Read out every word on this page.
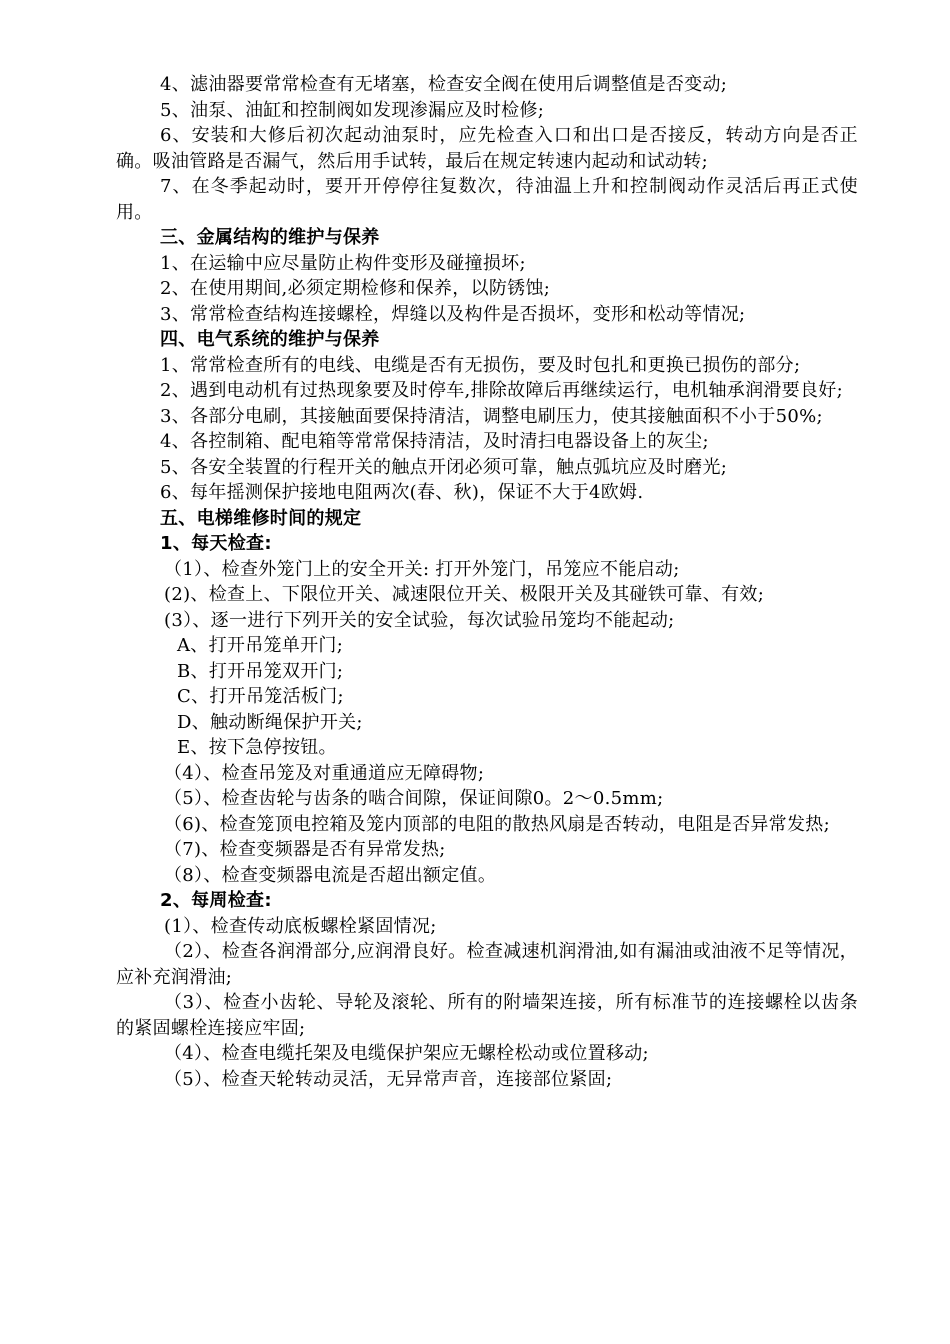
4、滤油器要常常检查有无堵塞，检查安全阀在使用后调整值是否变动;

5、油泵、油缸和控制阀如发现渗漏应及时检修;

6、安装和大修后初次起动油泵时，应先检查入口和出口是否接反，转动方向是否正确。吸油管路是否漏气，然后用手试转，最后在规定转速内起动和试动转;

7、在冬季起动时，要开开停停往复数次，待油温上升和控制阀动作灵活后再正式使用。

三、金属结构的维护与保养

1、在运输中应尽量防止构件变形及碰撞损坏;

2、在使用期间,必须定期检修和保养，以防锈蚀;

3、常常检查结构连接螺栓，焊缝以及构件是否损坏，变形和松动等情况;

四、电气系统的维护与保养

1、常常检查所有的电线、电缆是否有无损伤，要及时包扎和更换已损伤的部分;

2、遇到电动机有过热现象要及时停车,排除故障后再继续运行，电机轴承润滑要良好;

3、各部分电刷，其接触面要保持清洁，调整电刷压力，使其接触面积不小于50%;

4、各控制箱、配电箱等常常保持清洁，及时清扫电器设备上的灰尘;

5、各安全装置的行程开关的触点开闭必须可靠，触点弧坑应及时磨光;

6、每年摇测保护接地电阻两次(春、秋)，保证不大于4欧姆.

五、电梯维修时间的规定

1、每天检查:

（1）、检查外笼门上的安全开关: 打开外笼门，吊笼应不能启动;

(2)、检查上、下限位开关、减速限位开关、极限开关及其碰铁可靠、有效;

(3）、逐一进行下列开关的安全试验，每次试验吊笼均不能起动;

A、打开吊笼单开门;

B、打开吊笼双开门;

C、打开吊笼活板门;

D、触动断绳保护开关;

E、按下急停按钮。

（4）、检查吊笼及对重通道应无障碍物;

（5）、检查齿轮与齿条的啮合间隙，保证间隙0。2～0.5mm;

（6)、检查笼顶电控箱及笼内顶部的电阻的散热风扇是否转动，电阻是否异常发热;

（7)、检查变频器是否有异常发热;

（8）、检查变频器电流是否超出额定值。

2、每周检查:

(1）、检查传动底板螺栓紧固情况;

（2）、检查各润滑部分,应润滑良好。检查减速机润滑油,如有漏油或油液不足等情况，应补充润滑油;

（3）、检查小齿轮、导轮及滚轮、所有的附墙架连接，所有标准节的连接螺栓以齿条的紧固螺栓连接应牢固;

（4）、检查电缆托架及电缆保护架应无螺栓松动或位置移动;

（5）、检查天轮转动灵活，无异常声音，连接部位紧固;
